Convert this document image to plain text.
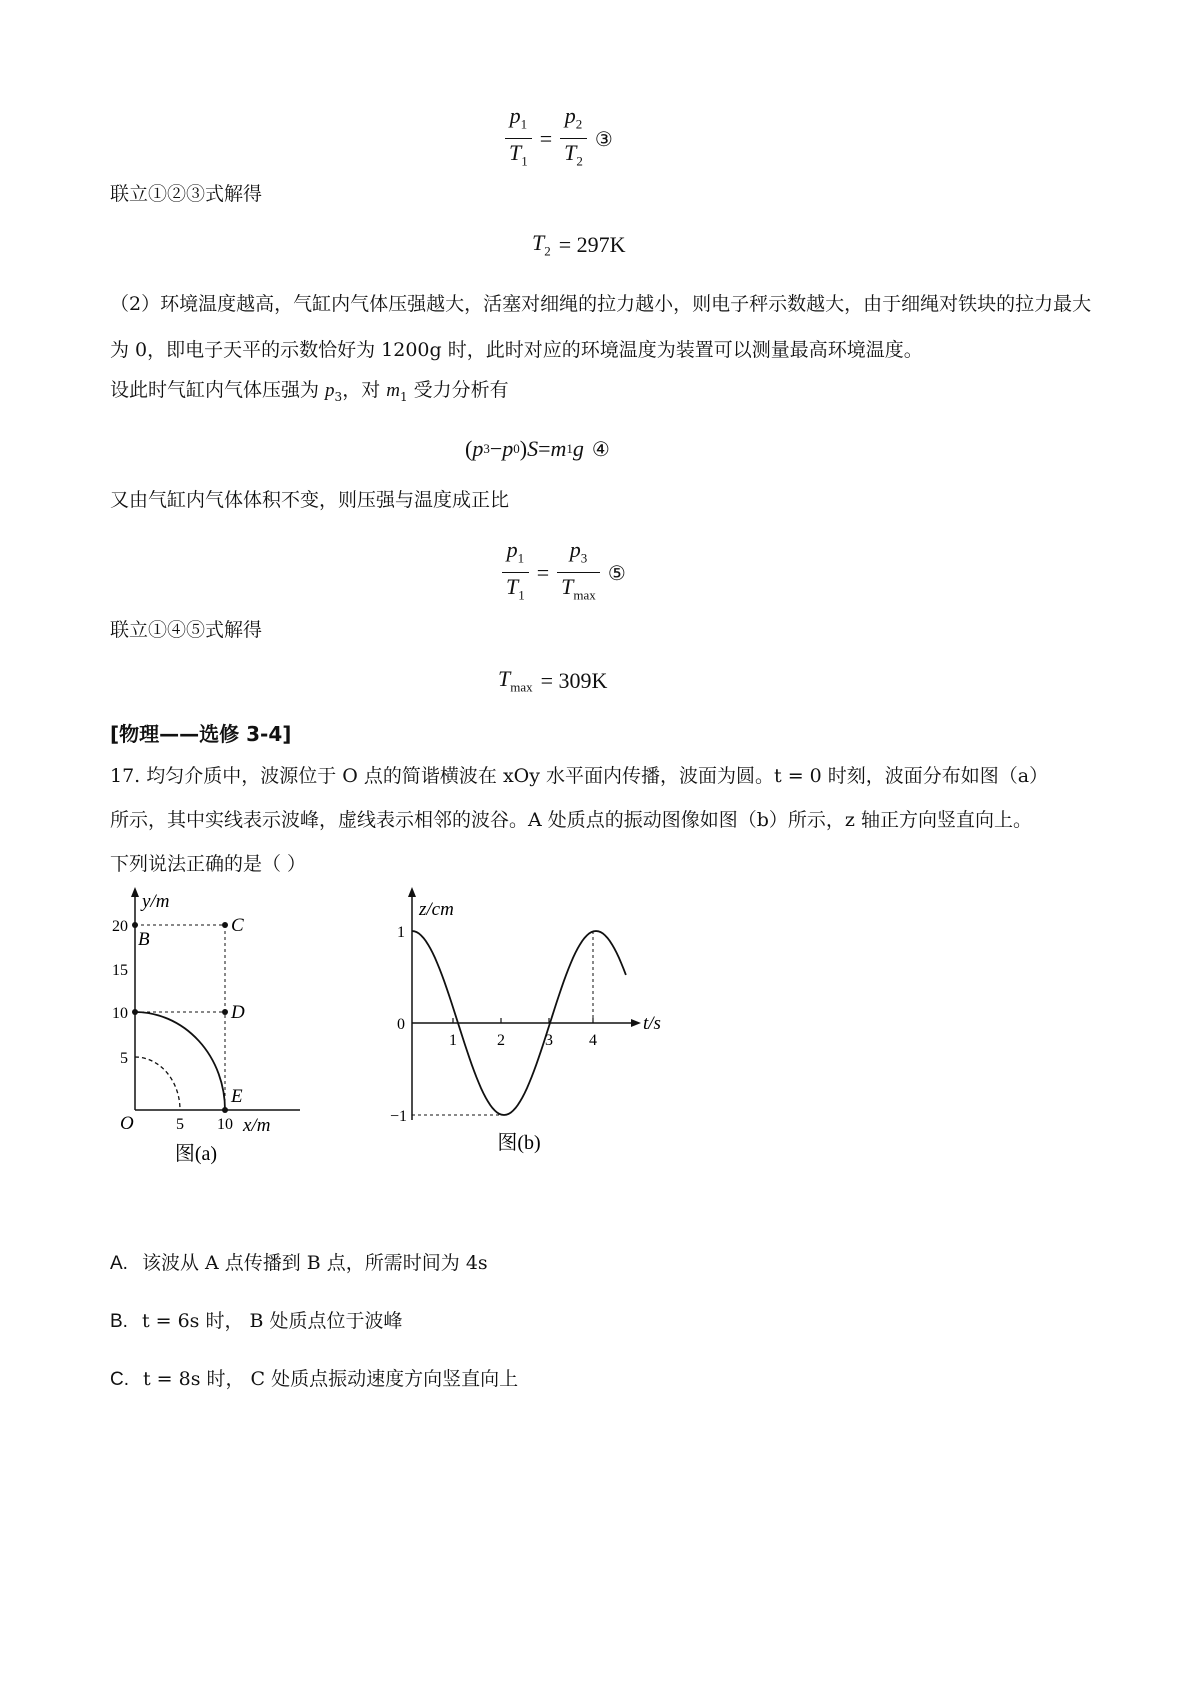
$\frac{p_1}{T_1} = \frac{p_2}{T_2}$ ③
联立①②③式解得
$T_2 = 297K$
（2）环境温度越高，气缸内气体压强越大，活塞对细绳的拉力越小，则电子秤示数越大，由于细绳对铁块的拉力最大为 0，即电子天平的示数恰好为 1200g 时，此时对应的环境温度为装置可以测量最高环境温度。
设此时气缸内气体压强为 $p_3$，对 $m_1$ 受力分析有
( p 3 − p 0 ) S = m 1 g ④
又由气缸内气体体积不变，则压强与温度成正比
$\frac{p_1}{T_1} = \frac{p_3}{T_{max}}$ ⑤
联立①④⑤式解得
$T_{max} = 309K$
[物理——选修 3-4]
17. 均匀介质中，波源位于 O 点的简谐横波在 xOy 水平面内传播，波面为圆。t = 0 时刻，波面分布如图（a）
所示，其中实线表示波峰，虚线表示相邻的波谷。A 处质点的振动图像如图（b）所示，z 轴正方向竖直向上。
下列说法正确的是（ ）
y/m
20
15
10
5
B
C
D
E
O	5 10 x/m
图(a)
z/cm
1
0
−1
1	2	3 4
t/s
图(b)
A. 该波从 A 点传播到 B 点，所需时间为 4s
B. t = 6s 时， B 处质点位于波峰
C. t = 8s 时， C 处质点振动速度方向竖直向上
